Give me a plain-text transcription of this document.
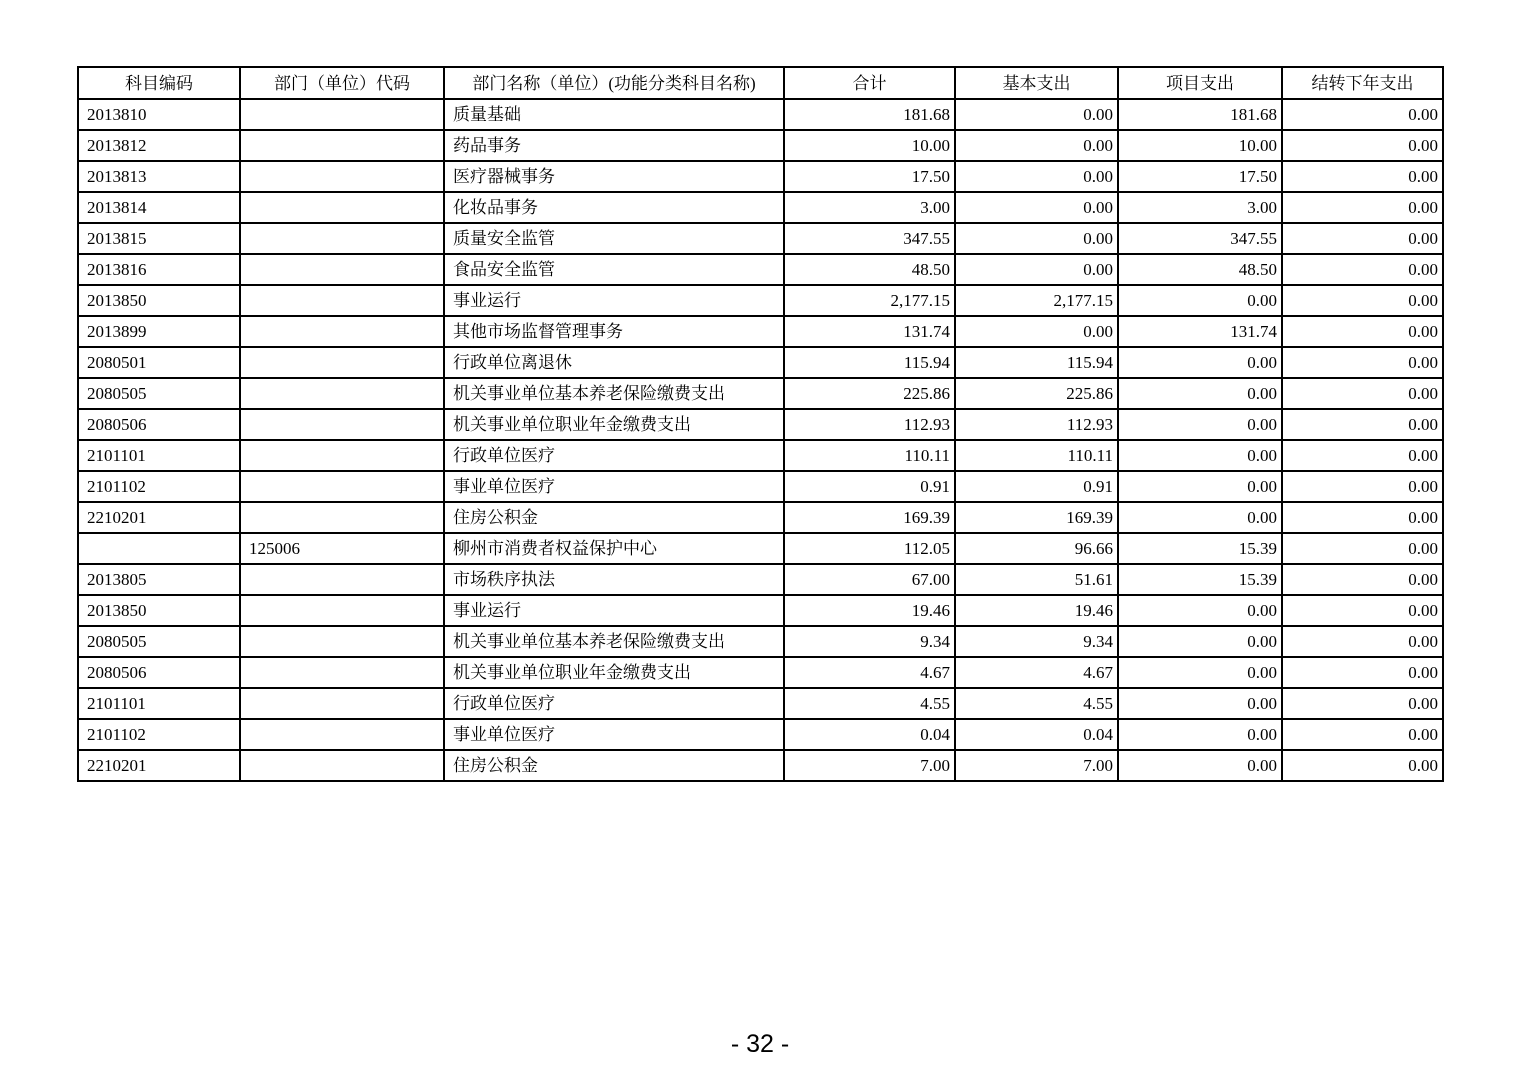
科目编码	部门（单位）代码	部门名称（单位）(功能分类科目名称)	合计	基本支出	项目支出	结转下年支出
2013810		质量基础	181.68	0.00	181.68	0.00
2013812		药品事务	10.00	0.00	10.00	0.00
2013813		医疗器械事务	17.50	0.00	17.50	0.00
2013814		化妆品事务	3.00	0.00	3.00	0.00
2013815		质量安全监管	347.55	0.00	347.55	0.00
2013816		食品安全监管	48.50	0.00	48.50	0.00
2013850		事业运行	2,177.15	2,177.15	0.00	0.00
2013899		其他市场监督管理事务	131.74	0.00	131.74	0.00
2080501		行政单位离退休	115.94	115.94	0.00	0.00
2080505		机关事业单位基本养老保险缴费支出	225.86	225.86	0.00	0.00
2080506		机关事业单位职业年金缴费支出	112.93	112.93	0.00	0.00
2101101		行政单位医疗	110.11	110.11	0.00	0.00
2101102		事业单位医疗	0.91	0.91	0.00	0.00
2210201		住房公积金	169.39	169.39	0.00	0.00
	125006	柳州市消费者权益保护中心	112.05	96.66	15.39	0.00
2013805		市场秩序执法	67.00	51.61	15.39	0.00
2013850		事业运行	19.46	19.46	0.00	0.00
2080505		机关事业单位基本养老保险缴费支出	9.34	9.34	0.00	0.00
2080506		机关事业单位职业年金缴费支出	4.67	4.67	0.00	0.00
2101101		行政单位医疗	4.55	4.55	0.00	0.00
2101102		事业单位医疗	0.04	0.04	0.00	0.00
2210201		住房公积金	7.00	7.00	0.00	0.00
- 32 -
